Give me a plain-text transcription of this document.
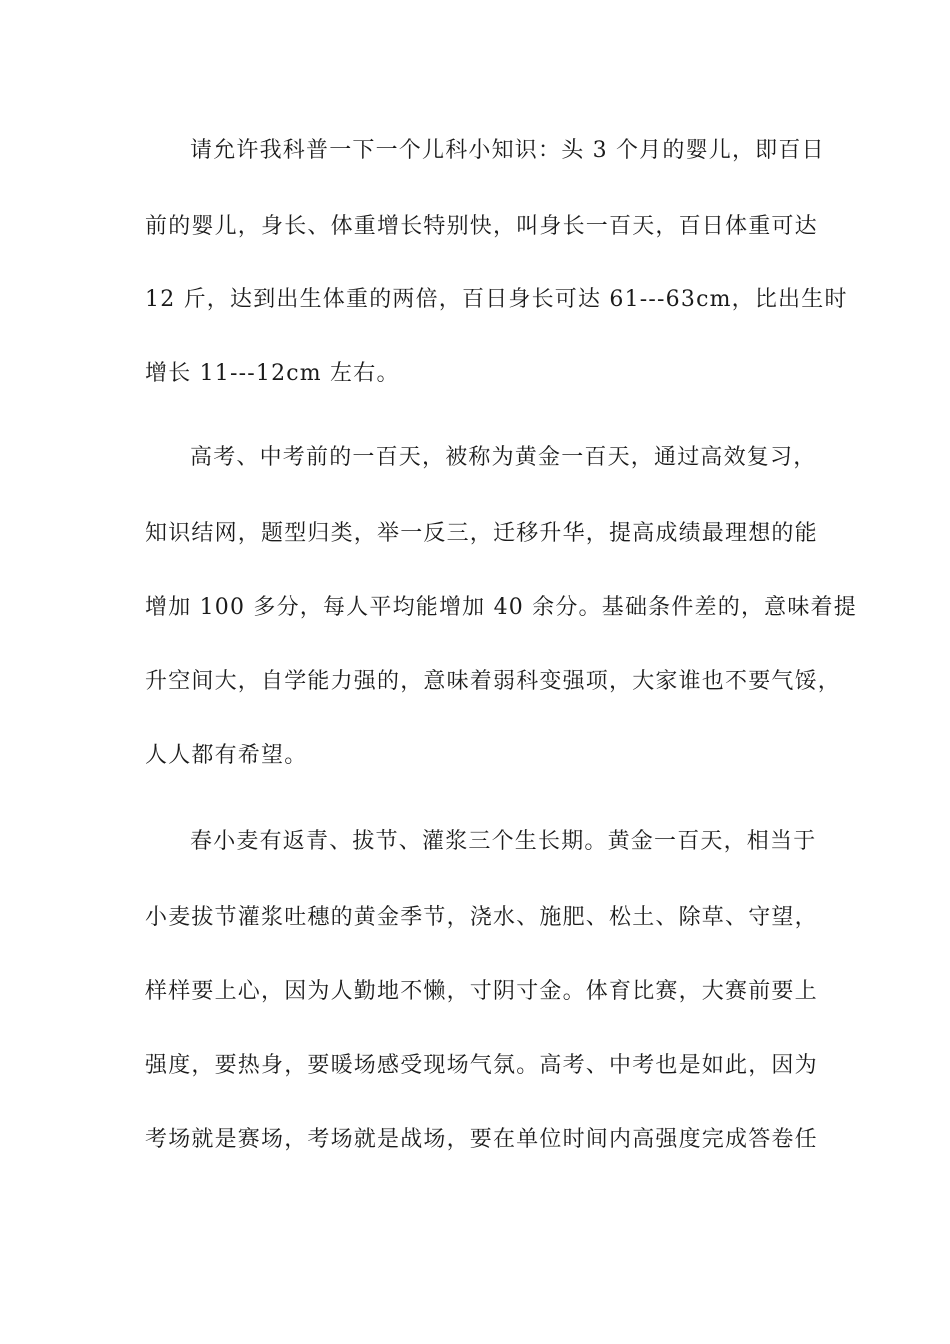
请允许我科普一下一个儿科小知识：头 3 个月的婴儿，即百日
前的婴儿，身长、体重增长特别快，叫身长一百天，百日体重可达
12 斤，达到出生体重的两倍，百日身长可达 61---63cm，比出生时
增长 11---12cm 左右。
高考、中考前的一百天，被称为黄金一百天，通过高效复习，
知识结网，题型归类，举一反三，迁移升华，提高成绩最理想的能
增加 100 多分，每人平均能增加 40 余分。基础条件差的，意味着提
升空间大，自学能力强的，意味着弱科变强项，大家谁也不要气馁，
人人都有希望。
春小麦有返青、拔节、灌浆三个生长期。黄金一百天，相当于
小麦拔节灌浆吐穗的黄金季节，浇水、施肥、松土、除草、守望，
样样要上心，因为人勤地不懒，寸阴寸金。体育比赛，大赛前要上
强度，要热身，要暖场感受现场气氛。高考、中考也是如此，因为
考场就是赛场，考场就是战场，要在单位时间内高强度完成答卷任
